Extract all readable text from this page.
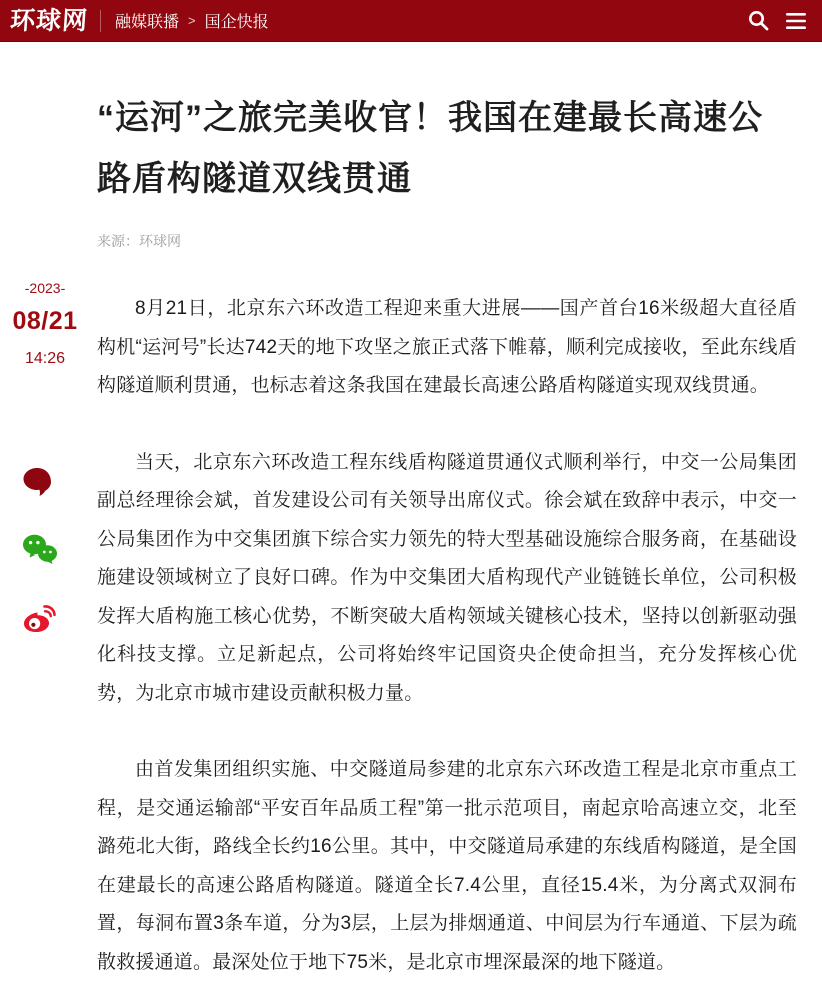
环球网 融媒联播 > 国企快报
-2023-
08/21
14:26
“运河”之旅完美收官！我国在建最长高速公路盾构隧道双线贯通
来源：环球网

8月21日，北京东六环改造工程迎来重大进展——国产首台16米级超大直径盾构机“运河号”长达742天的地下攻坚之旅正式落下帷幕，顺利完成接收，至此东线盾构隧道顺利贯通，也标志着这条我国在建最长高速公路盾构隧道实现双线贯通。

当天，北京东六环改造工程东线盾构隧道贯通仪式顺利举行，中交一公局集团副总经理徐会斌，首发建设公司有关领导出席仪式。徐会斌在致辞中表示，中交一公局集团作为中交集团旗下综合实力领先的特大型基础设施综合服务商，在基础设施建设领域树立了良好口碑。作为中交集团大盾构现代产业链链长单位，公司积极发挥大盾构施工核心优势，不断突破大盾构领域关键核心技术，坚持以创新驱动强化科技支撑。立足新起点，公司将始终牢记国资央企使命担当，充分发挥核心优势，为北京市城市建设贡献积极力量。

由首发集团组织实施、中交隧道局参建的北京东六环改造工程是北京市重点工程，是交通运输部“平安百年品质工程”第一批示范项目，南起京哈高速立交，北至潞苑北大街，路线全长约16公里。其中，中交隧道局承建的东线盾构隧道，是全国在建最长的高速公路盾构隧道。隧道全长7.4公里，直径15.4米，为分离式双洞布置，每洞布置3条车道，分为3层，上层为排烟通道、中间层为行车通道、下层为疏散救援通道。最深处位于地下75米，是北京市埋深最深的地下隧道。
